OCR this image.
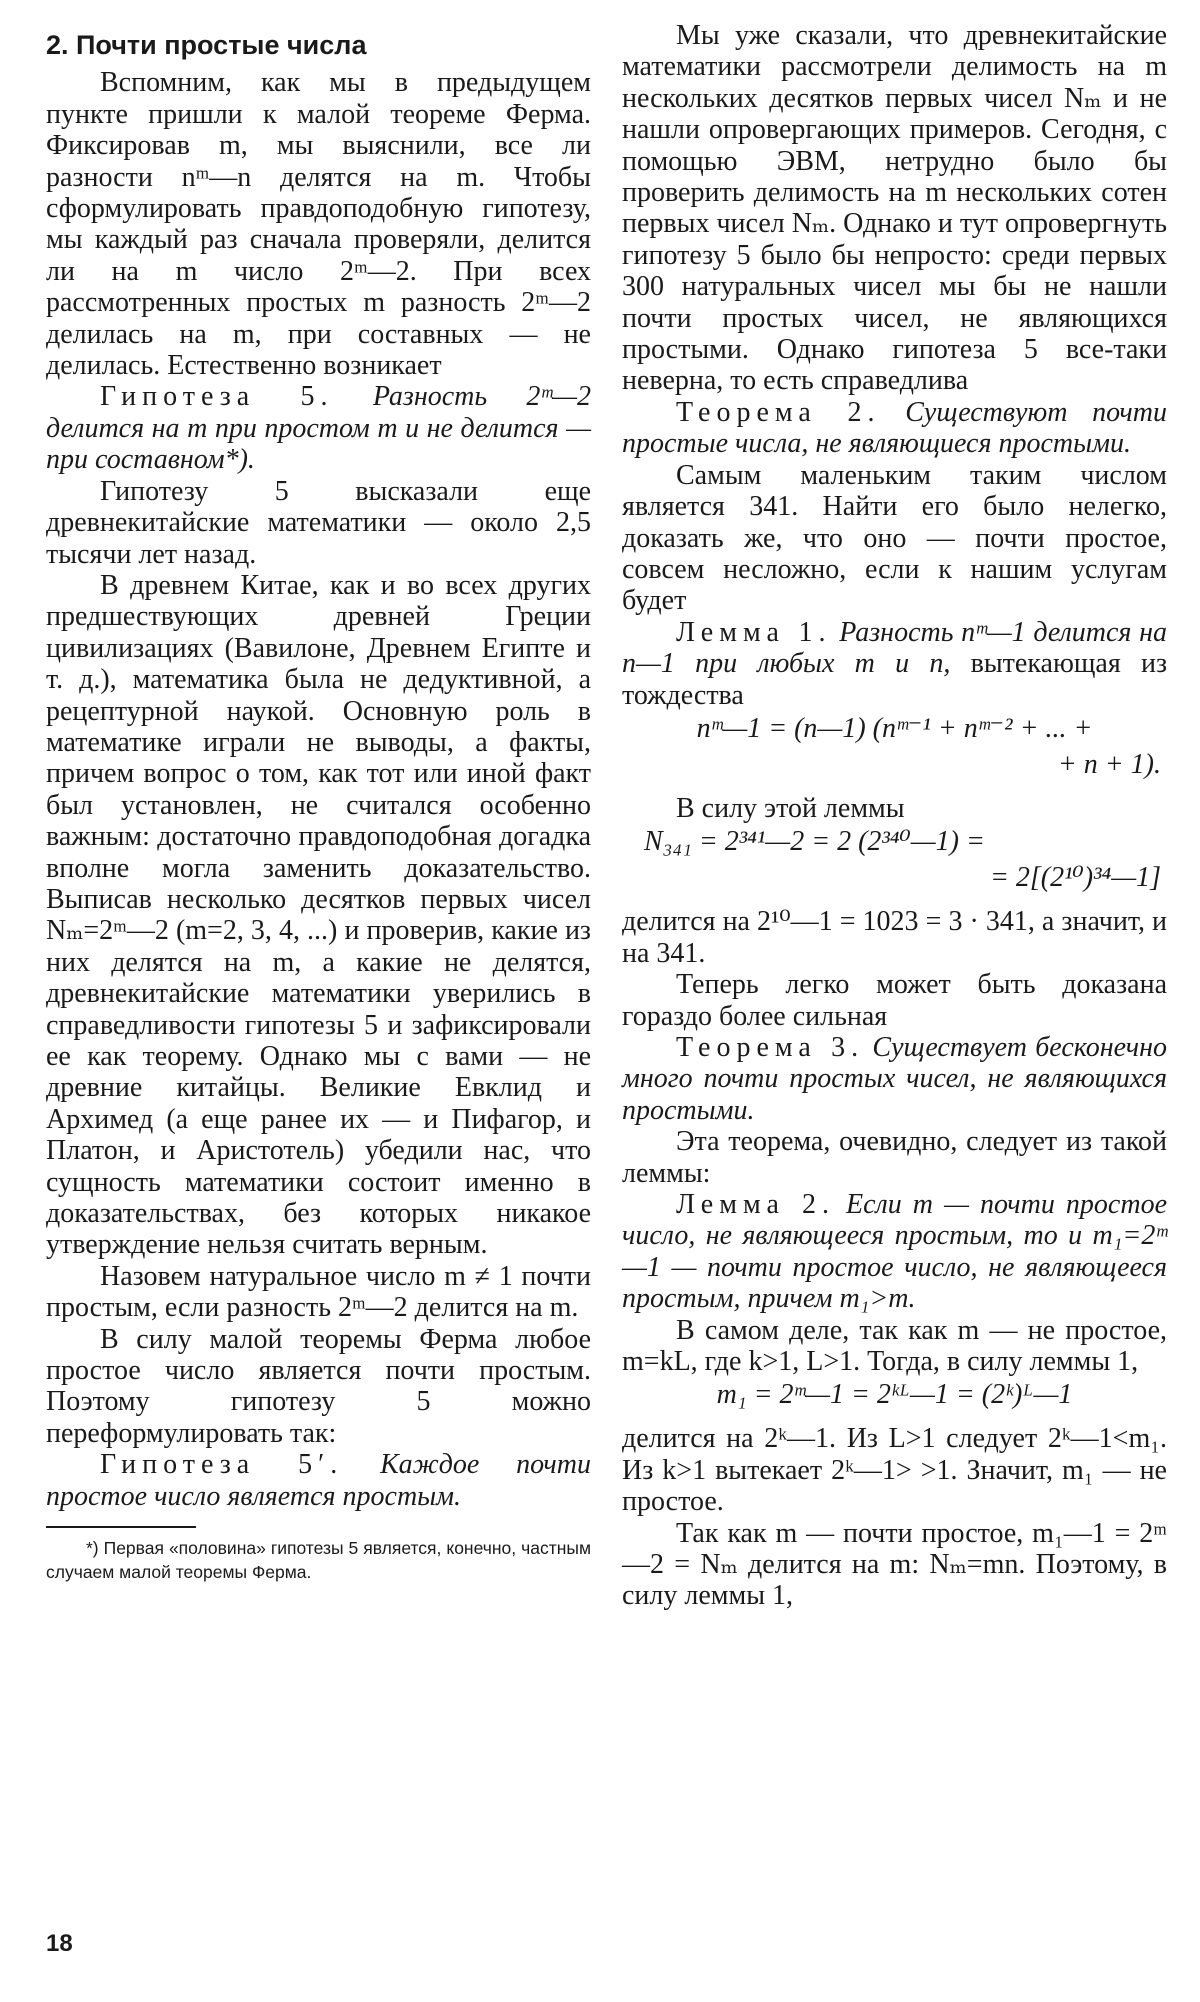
2. Почти простые числа

Вспомним, как мы в предыдущем пункте пришли к малой теореме Ферма. Фиксировав m, мы выяснили, все ли разности nᵐ—n делятся на m. Чтобы сформулировать правдоподобную гипотезу, мы каждый раз сначала проверяли, делится ли на m число 2ᵐ—2. При всех рассмотренных простых m разность 2ᵐ—2 делилась на m, при составных — не делилась. Естественно возникает

Гипотеза 5. Разность 2ᵐ—2 делится на m при простом m и не делится — при составном*).

Гипотезу 5 высказали еще древнекитайские математики — около 2,5 тысячи лет назад.

В древнем Китае, как и во всех других предшествующих древней Греции цивилизациях (Вавилоне, Древнем Египте и т. д.), математика была не дедуктивной, а рецептурной наукой. Основную роль в математике играли не выводы, а факты, причем вопрос о том, как тот или иной факт был установлен, не считался особенно важным: достаточно правдоподобная догадка вполне могла заменить доказательство. Выписав несколько десятков первых чисел Nₘ=2ᵐ—2 (m=2, 3, 4, ...) и проверив, какие из них делятся на m, а какие не делятся, древнекитайские математики уверились в справедливости гипотезы 5 и зафиксировали ее как теорему. Однако мы с вами — не древние китайцы. Великие Евклид и Архимед (а еще ранее их — и Пифагор, и Платон, и Аристотель) убедили нас, что сущность математики состоит именно в доказательствах, без которых никакое утверждение нельзя считать верным.

Назовем натуральное число m ≠ 1 почти простым, если разность 2ᵐ—2 делится на m.

В силу малой теоремы Ферма любое простое число является почти простым. Поэтому гипотезу 5 можно переформулировать так:

Гипотеза 5′. Каждое почти простое число является простым.

*) Первая «половина» гипотезы 5 является, конечно, частным случаем малой теоремы Ферма.

Мы уже сказали, что древнекитайские математики рассмотрели делимость на m нескольких десятков первых чисел Nₘ и не нашли опровергающих примеров. Сегодня, с помощью ЭВМ, нетрудно было бы проверить делимость на m нескольких сотен первых чисел Nₘ. Однако и тут опровергнуть гипотезу 5 было бы непросто: среди первых 300 натуральных чисел мы бы не нашли почти простых чисел, не являющихся простыми. Однако гипотеза 5 все-таки неверна, то есть справедлива

Теорема 2. Существуют почти простые числа, не являющиеся простыми.

Самым маленьким таким числом является 341. Найти его было нелегко, доказать же, что оно — почти простое, совсем несложно, если к нашим услугам будет

Лемма 1. Разность nᵐ—1 делится на n—1 при любых m и n, вытекающая из тождества

nᵐ—1 = (n—1) (nᵐ⁻¹ + nᵐ⁻² + ... +
+ n + 1).

В силу этой леммы

N₃₄₁ = 2³⁴¹—2 = 2 (2³⁴⁰—1) =
= 2[(2¹⁰)³⁴—1]

делится на 2¹⁰—1 = 1023 = 3 · 341, а значит, и на 341.

Теперь легко может быть доказана гораздо более сильная

Теорема 3. Существует бесконечно много почти простых чисел, не являющихся простыми.

Эта теорема, очевидно, следует из такой леммы:

Лемма 2. Если m — почти простое число, не являющееся простым, то и m₁=2ᵐ—1 — почти простое число, не являющееся простым, причем m₁>m.

В самом деле, так как m — не простое, m=kL, где k>1, L>1. Тогда, в силу леммы 1,

m₁ = 2ᵐ—1 = 2ᵏᴸ—1 = (2ᵏ)ᴸ—1

делится на 2ᵏ—1. Из L>1 следует 2ᵏ—1<m₁. Из k>1 вытекает 2ᵏ—1> >1. Значит, m₁ — не простое.

Так как m — почти простое, m₁—1 = 2ᵐ—2 = Nₘ делится на m: Nₘ=mn. Поэтому, в силу леммы 1,

18
